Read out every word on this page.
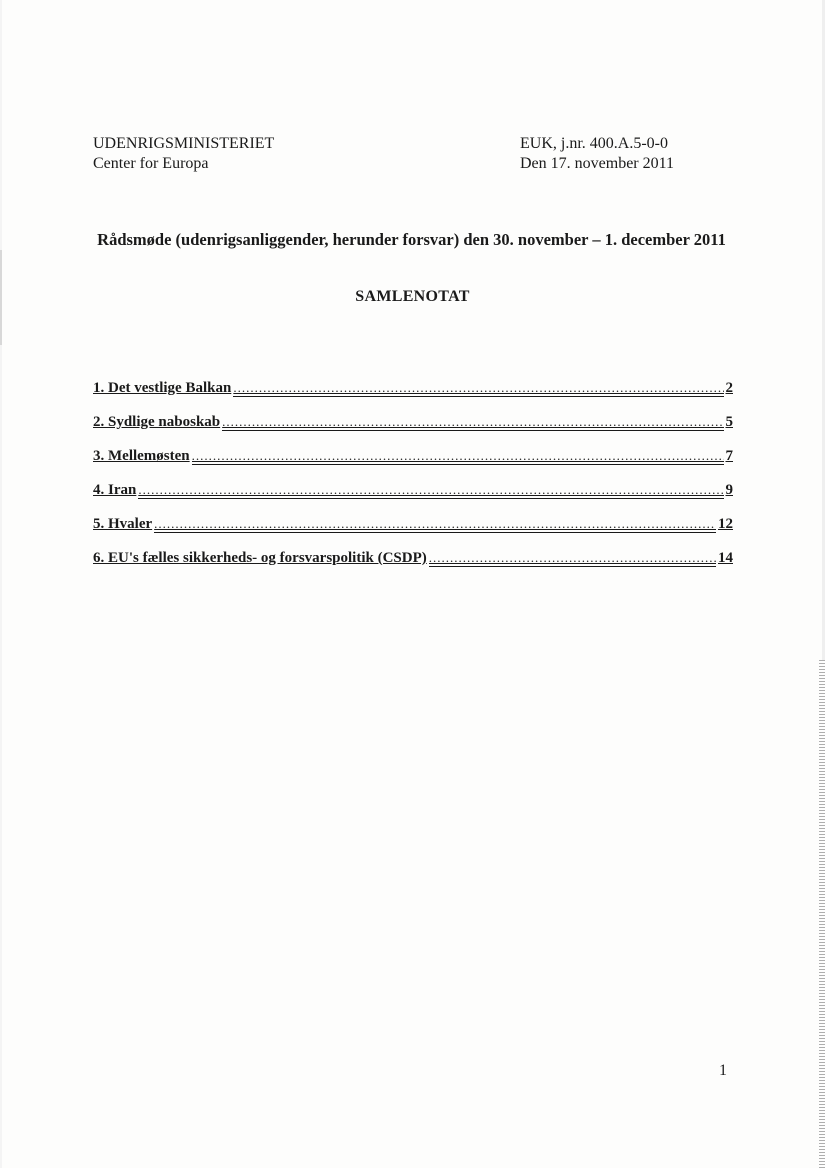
UDENRIGSMINISTERIET
Center for Europa
EUK, j.nr. 400.A.5-0-0
Den 17. november 2011
Rådsmøde (udenrigsanliggender, herunder forsvar) den 30. november – 1. december 2011
SAMLENOTAT
1. Det vestlige Balkan .....	2
2. Sydlige naboskab .....	5
3. Mellemøsten .....	7
4. Iran .....	9
5. Hvaler .....	12
6. EU's fælles sikkerheds- og forsvarspolitik (CSDP) .....	14
1
